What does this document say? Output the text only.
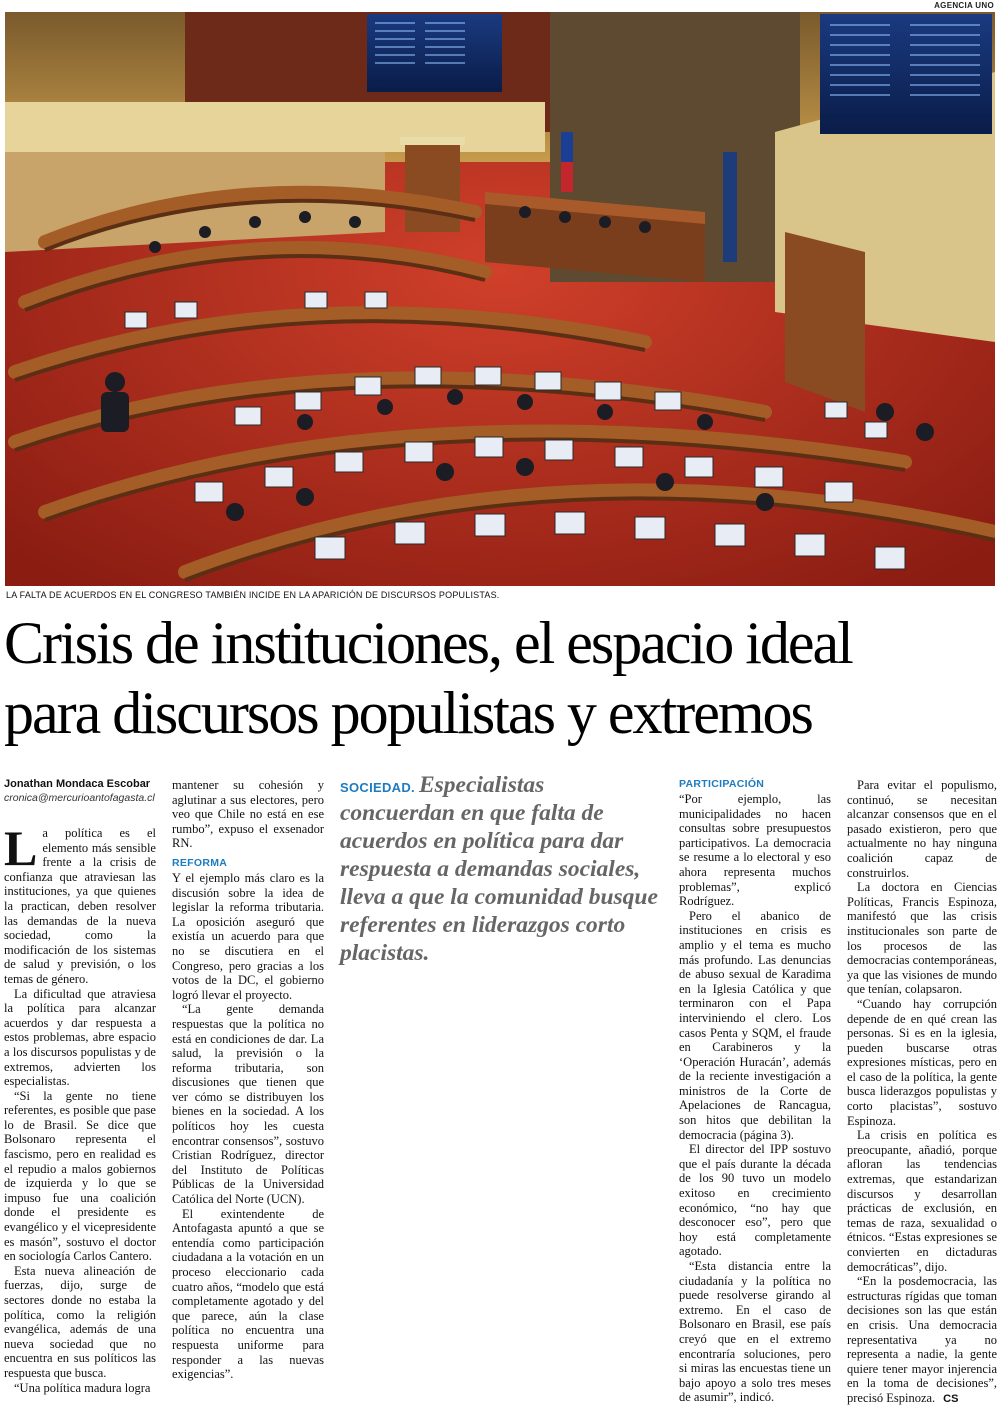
AGENCIA UNO
LA FALTA DE ACUERDOS EN EL CONGRESO TAMBIÉN INCIDE EN LA APARICIÓN DE DISCURSOS POPULISTAS.
Crisis de instituciones, el espacio ideal
para discursos populistas y extremos
Jonathan Mondaca Escobar
cronica@mercurioantofagasta.cl

La política es el elemento más sensible frente a la crisis de confianza que atraviesan las instituciones, ya que quienes la practican, deben resolver las demandas de la nueva sociedad, como la modificación de los sistemas de salud y previsión, o los temas de género.

La dificultad que atraviesa la política para alcanzar acuerdos y dar respuesta a estos problemas, abre espacio a los discursos populistas y de extremos, advierten los especialistas.

“Si la gente no tiene referentes, es posible que pase lo de Brasil. Se dice que Bolsonaro representa el fascismo, pero en realidad es el repudio a malos gobiernos de izquierda y lo que se impuso fue una coalición donde el presidente es evangélico y el vicepresidente es masón”, sostuvo el doctor en sociología Carlos Cantero.

Esta nueva alineación de fuerzas, dijo, surge de sectores donde no estaba la política, como la religión evangélica, además de una nueva sociedad que no encuentra en sus políticos las respuesta que busca.

“Una política madura logra

mantener su cohesión y aglutinar a sus electores, pero veo que Chile no está en ese rumbo”, expuso el exsenador RN.

REFORMA

Y el ejemplo más claro es la discusión sobre la idea de legislar la reforma tributaria. La oposición aseguró que existía un acuerdo para que no se discutiera en el Congreso, pero gracias a los votos de la DC, el gobierno logró llevar el proyecto.

“La gente demanda respuestas que la política no está en condiciones de dar. La salud, la previsión o la reforma tributaria, son discusiones que tienen que ver cómo se distribuyen los bienes en la sociedad. A los políticos hoy les cuesta encontrar consensos”, sostuvo Cristian Rodríguez, director del Instituto de Políticas Públicas de la Universidad Católica del Norte (UCN).

El exintendente de Antofagasta apuntó a que se entendía como participación ciudadana a la votación en un proceso eleccionario cada cuatro años, “modelo que está completamente agotado y del que parece, aún la clase política no encuentra una respuesta uniforme para responder a las nuevas exigencias”.

SOCIEDAD. Especialistas concuerdan en que falta de acuerdos en política para dar respuesta a demandas sociales, lleva a que la comunidad busque referentes en liderazgos corto placistas.

PARTICIPACIÓN

“Por ejemplo, las municipalidades no hacen consultas sobre presupuestos participativos. La democracia se resume a lo electoral y eso ahora representa muchos problemas”, explicó Rodríguez.

Pero el abanico de instituciones en crisis es amplio y el tema es mucho más profundo. Las denuncias de abuso sexual de Karadima en la Iglesia Católica y que terminaron con el Papa interviniendo el clero. Los casos Penta y SQM, el fraude en Carabineros y la ‘Operación Huracán’, además de la reciente investigación a ministros de la Corte de Apelaciones de Rancagua, son hitos que debilitan la democracia (página 3).

El director del IPP sostuvo que el país durante la década de los 90 tuvo un modelo exitoso en crecimiento económico, “no hay que desconocer eso”, pero que hoy está completamente agotado.

“Esta distancia entre la ciudadanía y la política no puede resolverse girando al extremo. En el caso de Bolsonaro en Brasil, ese país creyó que en el extremo encontraría soluciones, pero si miras las encuestas tiene un bajo apoyo a solo tres meses de asumir”, indicó.

Para evitar el populismo, continuó, se necesitan alcanzar consensos que en el pasado existieron, pero que actualmente no hay ninguna coalición capaz de construirlos.

La doctora en Ciencias Políticas, Francis Espinoza, manifestó que las crisis institucionales son parte de los procesos de las democracias contemporáneas, ya que las visiones de mundo que tenían, colapsaron.

“Cuando hay corrupción depende de en qué crean las personas. Si es en la iglesia, pueden buscarse otras expresiones místicas, pero en el caso de la política, la gente busca liderazgos populistas y corto placistas”, sostuvo Espinoza.

La crisis en política es preocupante, añadió, porque afloran las tendencias extremas, que estandarizan discursos y desarrollan prácticas de exclusión, en temas de raza, sexualidad o étnicos. “Estas expresiones se convierten en dictaduras democráticas”, dijo.

“En la posdemocracia, las estructuras rígidas que toman decisiones son las que están en crisis. Una democracia representativa ya no representa a nadie, la gente quiere tener mayor injerencia en la toma de decisiones”, precisó Espinoza. CS
